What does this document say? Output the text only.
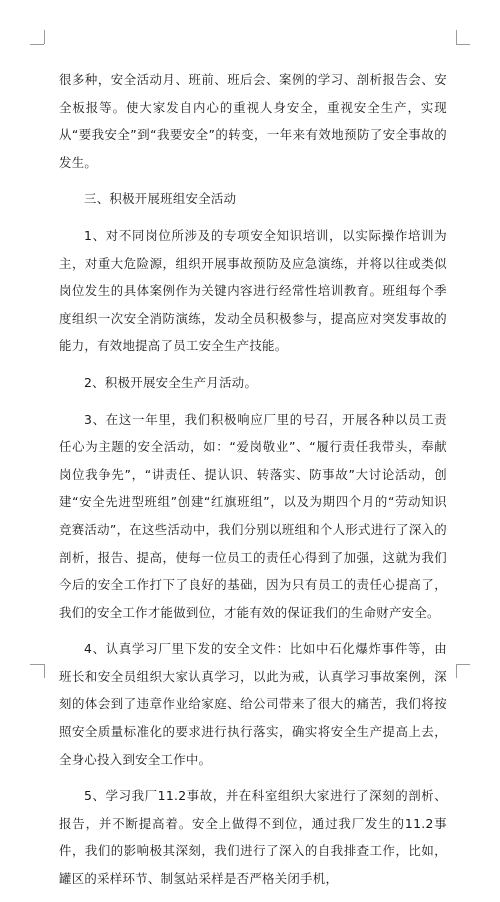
很多种，安全活动月、班前、班后会、案例的学习、剖析报告会、安全板报等。使大家发自内心的重视人身安全，重视安全生产，实现从“要我安全”到“我要安全”的转变，一年来有效地预防了安全事故的发生。

三、积极开展班组安全活动

1、对不同岗位所涉及的专项安全知识培训，以实际操作培训为主，对重大危险源，组织开展事故预防及应急演练，并将以往或类似岗位发生的具体案例作为关键内容进行经常性培训教育。班组每个季度组织一次安全消防演练，发动全员积极参与，提高应对突发事故的能力，有效地提高了员工安全生产技能。

2、积极开展安全生产月活动。

3、在这一年里，我们积极响应厂里的号召，开展各种以员工责任心为主题的安全活动，如：“爱岗敬业”、“履行责任我带头，奉献岗位我争先”，“讲责任、提认识、转落实、防事故”大讨论活动，创建“安全先进型班组”创建“红旗班组”，以及为期四个月的“劳动知识竞赛活动”，在这些活动中，我们分别以班组和个人形式进行了深入的剖析，报告、提高，使每一位员工的责任心得到了加强，这就为我们今后的安全工作打下了良好的基础，因为只有员工的责任心提高了，我们的安全工作才能做到位，才能有效的保证我们的生命财产安全。

4、认真学习厂里下发的安全文件：比如中石化爆炸事件等，由班长和安全员组织大家认真学习，以此为戒，认真学习事故案例，深刻的体会到了违章作业给家庭、给公司带来了很大的痛苦，我们将按照安全质量标准化的要求进行执行落实，确实将安全生产提高上去，全身心投入到安全工作中。

5、学习我厂11.2事故，并在科室组织大家进行了深刻的剖析、报告，并不断提高着。安全上做得不到位，通过我厂发生的11.2事件，我们的影响极其深刻，我们进行了深入的自我排查工作，比如，罐区的采样环节、制氢站采样是否严格关闭手机，
